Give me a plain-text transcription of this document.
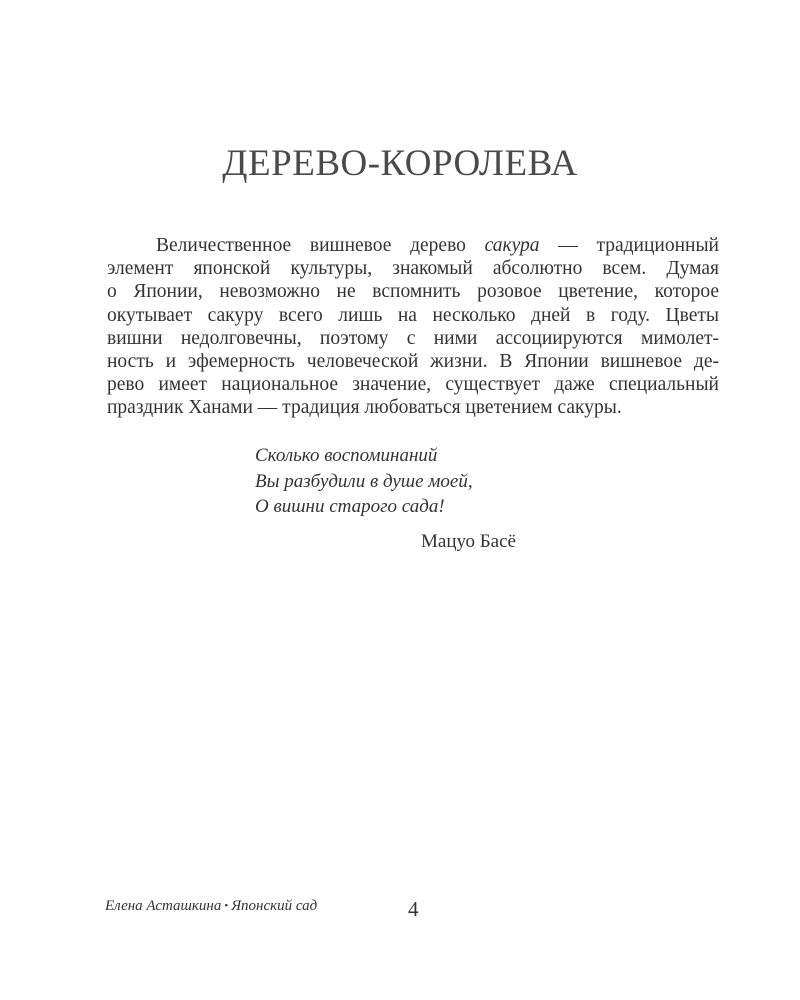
ДЕРЕВО-КОРОЛЕВА
Величественное вишневое дерево сакура — традиционный
элемент японской культуры, знакомый абсолютно всем. Думая
о Японии, невозможно не вспомнить розовое цветение, которое
окутывает сакуру всего лишь на несколько дней в году. Цветы
вишни недолговечны, поэтому с ними ассоциируются мимолет-
ность и эфемерность человеческой жизни. В Японии вишневое де-
рево имеет национальное значение, существует даже специальный
праздник Ханами — традиция любоваться цветением сакуры.
Сколько воспоминаний
Вы разбудили в душе моей,
О вишни старого сада!
Мацуо Басё
Елена Асташкина • Японский сад	4
